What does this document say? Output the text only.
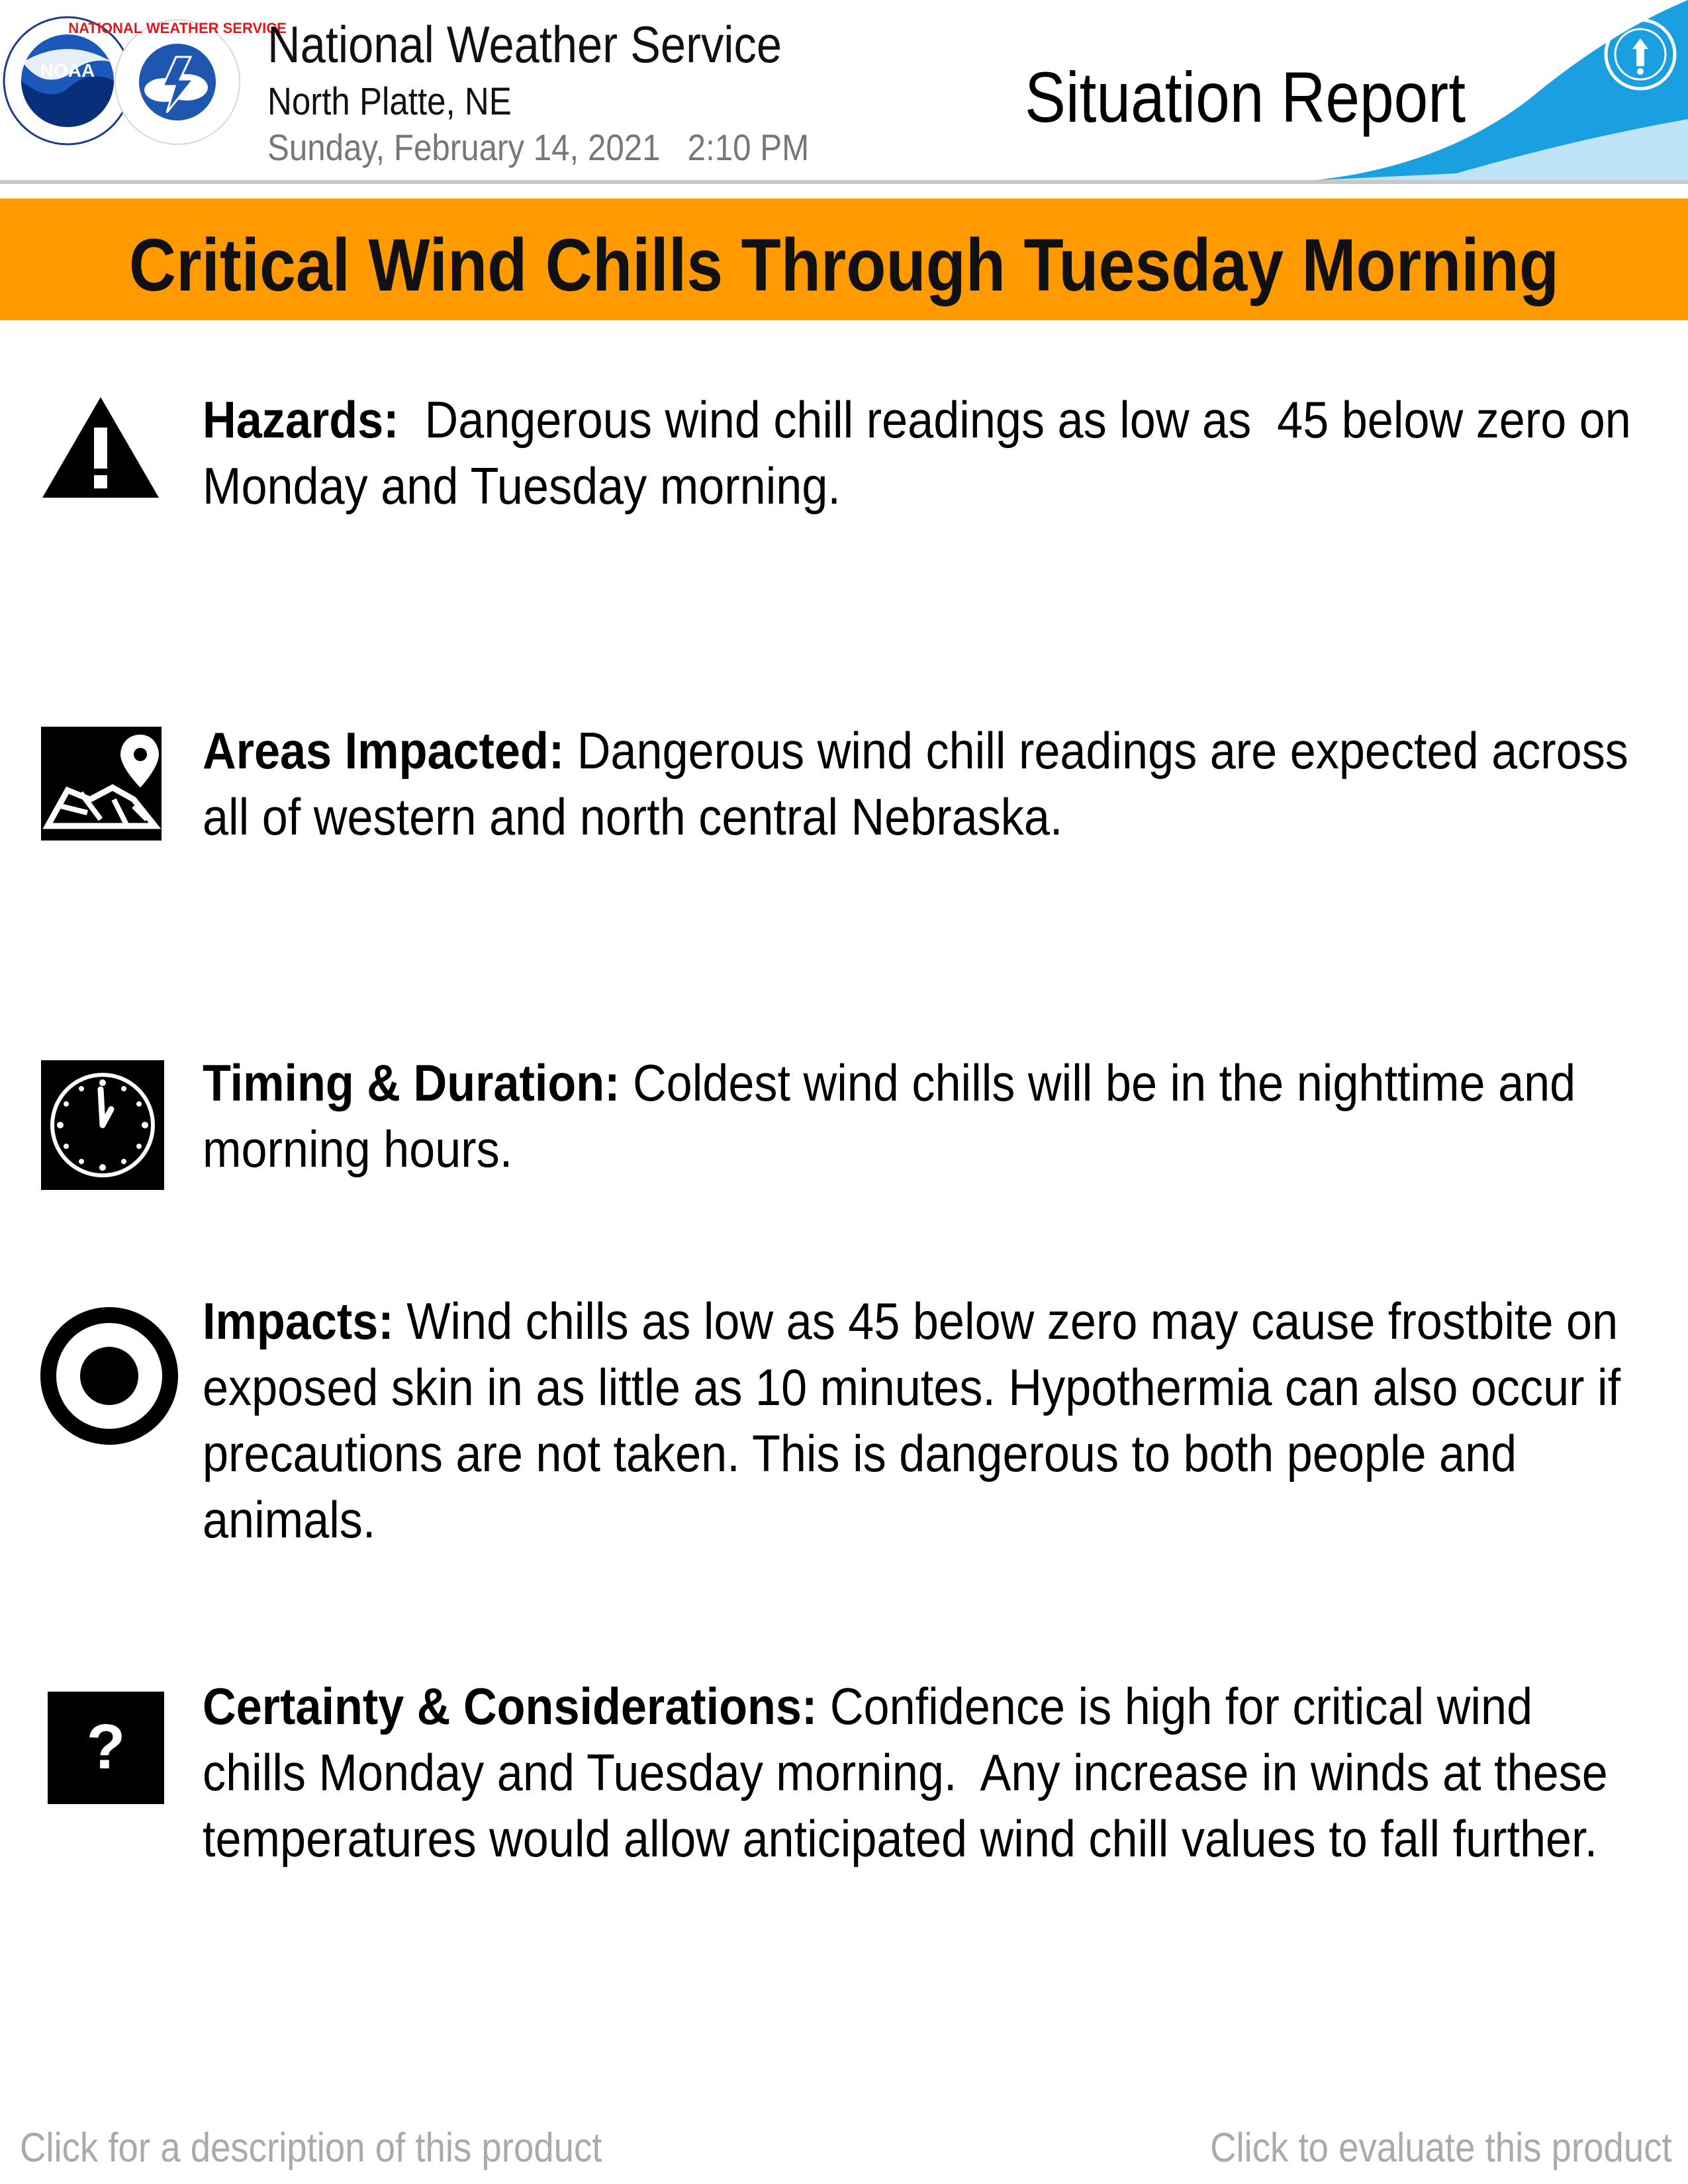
NOAA
NATIONAL WEATHER SERVICE
National Weather Service
North Platte, NE
Sunday, February 14, 2021 2:10 PM
Situation Report
Critical Wind Chills Through Tuesday Morning
Hazards:  Dangerous wind chill readings as low as  45 below zero on Monday and Tuesday morning.
Areas Impacted: Dangerous wind chill readings are expected across all of western and north central Nebraska.
Timing & Duration: Coldest wind chills will be in the nighttime and morning hours.
Impacts: Wind chills as low as 45 below zero may cause frostbite on exposed skin in as little as 10 minutes. Hypothermia can also occur if precautions are not taken. This is dangerous to both people and animals.
?
Certainty & Considerations: Confidence is high for critical wind chills Monday and Tuesday morning.  Any increase in winds at these temperatures would allow anticipated wind chill values to fall further.
Click for a description of this product	Click to evaluate this product
